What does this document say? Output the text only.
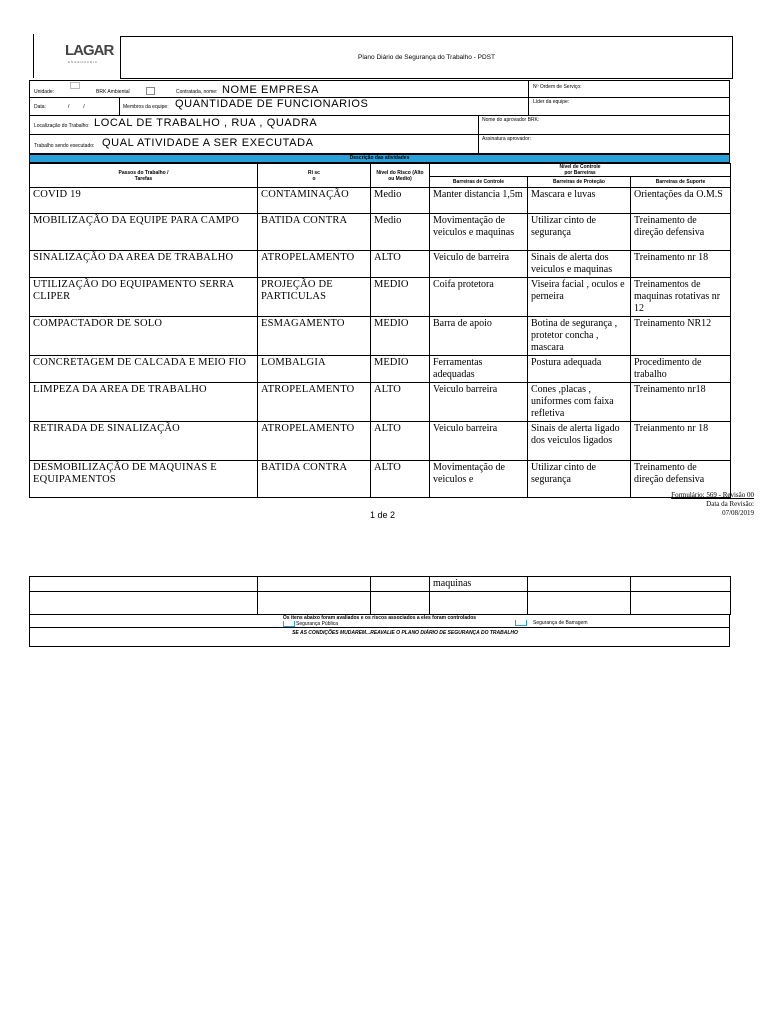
LAGAR
ENGENHARIA
Plano Diário de Segurança do Trabalho - PDST
Unidade:	BRK Ambiental	Contratada, nome: NOME EMPRESA	Nº Ordem de Serviço:
Data:	/          /	Membros da equipe: QUANTIDADE DE FUNCIONARIOS	Líder da equipe:
Localização do Trabalho: LOCAL DE TRABALHO , RUA , QUADRA	Nome do aprovador BRK:
Trabalho sendo executado: QUAL ATIVIDADE A SER EXECUTADA	Assinatura aprovador:
Descrição das atividades
Passos do Trabalho / Tarefas	Ri sc o	Nível do Risco (Alto ou Medio)	Nível de Controle por Barreiras		
			Barreiras de Controle	Barreiras de Proteção	Barreiras de Suporte
COVID 19	CONTAMINAÇÃO	Medio	Manter distancia 1,5m	Mascara e luvas	Orientações da O.M.S
MOBILIZAÇÃO DA EQUIPE PARA CAMPO	BATIDA CONTRA	Medio	Movimentação de veiculos e maquinas	Utilizar cinto de segurança	Treinamento de direção defensiva
SINALIZAÇÃO DA AREA DE TRABALHO	ATROPELAMENTO	ALTO	Veiculo de barreira	Sinais de alerta dos veiculos e maquinas	Treinamento nr 18
UTILIZAÇÃO DO EQUIPAMENTO SERRA CLIPER	PROJEÇÃO DE PARTICULAS	MEDIO	Coifa protetora	Viseira facial , oculos e perneira	Treinamentos de maquinas rotativas nr 12
COMPACTADOR DE SOLO	ESMAGAMENTO	MEDIO	Barra de apoio	Botina de segurança , protetor concha , mascara	Treinamento NR12
CONCRETAGEM DE CALCADA E MEIO FIO	LOMBALGIA	MEDIO	Ferramentas adequadas	Postura adequada	Procedimento de trabalho
LIMPEZA DA AREA DE TRABALHO	ATROPELAMENTO	ALTO	Veiculo barreira	Cones ,placas , uniformes com faixa refletiva	Treinamento nr18
RETIRADA DE SINALIZAÇÃO	ATROPELAMENTO	ALTO	Veiculo barreira	Sinais de alerta ligado dos veiculos ligados	Treianmento nr 18
DESMOBILIZAÇÃO DE MAQUINAS E EQUIPAMENTOS	BATIDA CONTRA	ALTO	Movimentação de veiculos e	Utilizar cinto de segurança	Treinamento de direção defensiva
Formulário: 569 - Revisão 00
Data da Revisão:
07/08/2019
1 de 2
			maquinas		

Os itens abaixo foram avaliados e os riscos associados a eles foram controlados
Segurança Pública	Segurança de Barragem
SE AS CONDIÇÕES MUDAREM...REAVALIE O PLANO DIÁRIO DE SEGURANÇA DO TRABALHO
